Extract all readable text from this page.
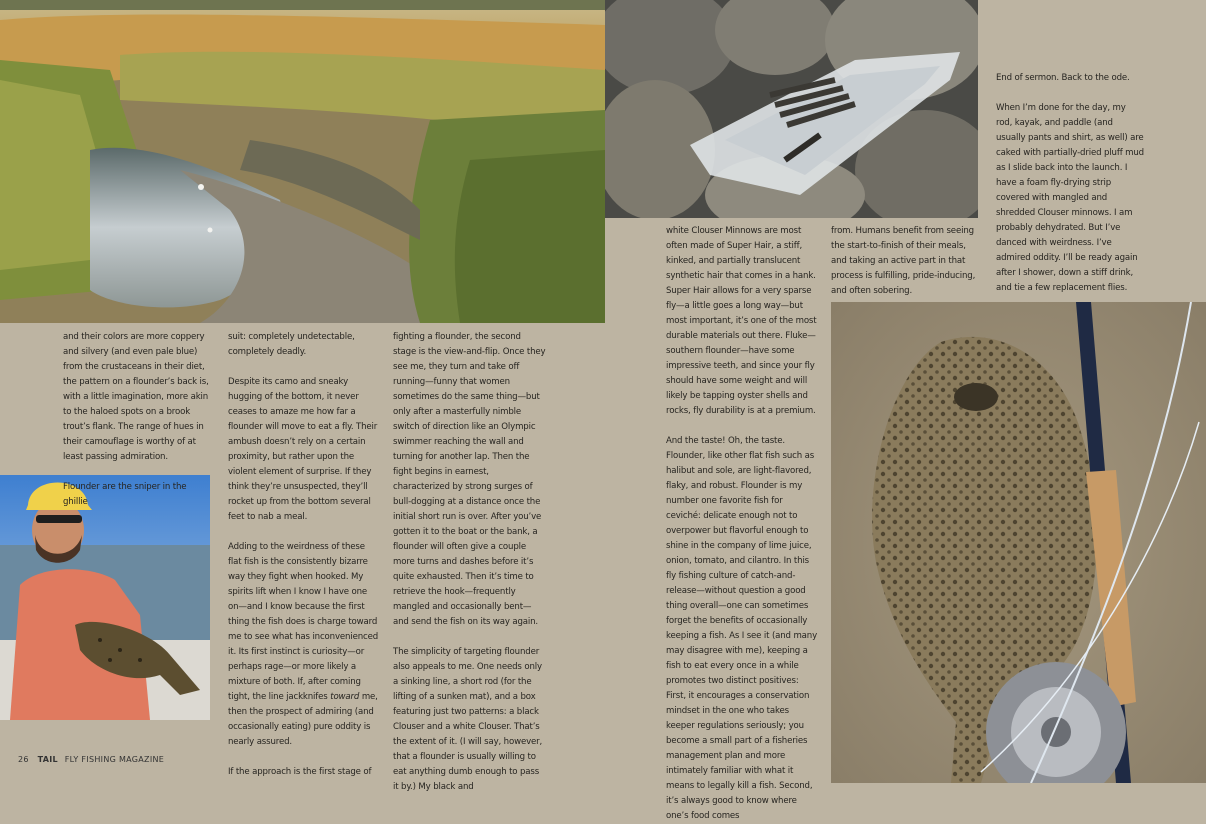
and their colors are more coppery and silvery (and even pale blue) from the crustaceans in their diet, the pattern on a flounder’s back is, with a little imagination, more akin to the haloed spots on a brook trout’s flank. The range of hues in their camouflage is worthy of at least passing admiration.

Flounder are the sniper in the ghillie

suit: completely undetectable, completely deadly.

Despite its camo and sneaky hugging of the bottom, it never ceases to amaze me how far a flounder will move to eat a fly. Their ambush doesn’t rely on a certain proximity, but rather upon the violent element of surprise. If they think they’re unsuspected, they’ll rocket up from the bottom several feet to nab a meal.

Adding to the weirdness of these flat fish is the consistently bizarre way they fight when hooked. My spirits lift when I know I have one on—and I know because the first thing the fish does is charge toward me to see what has inconvenienced it. Its first instinct is curiosity—or perhaps rage—or more likely a mixture of both. If, after coming tight, the line jackknifes toward me, then the prospect of admiring (and occasionally eating) pure oddity is nearly assured.

If the approach is the first stage of

fighting a flounder, the second stage is the view-and-flip. Once they see me, they turn and take off running—funny that women sometimes do the same thing—but only after a masterfully nimble switch of direction like an Olympic swimmer reaching the wall and turning for another lap. Then the fight begins in earnest, characterized by strong surges of bull-dogging at a distance once the initial short run is over. After you’ve gotten it to the boat or the bank, a flounder will often give a couple more turns and dashes before it’s quite exhausted. Then it’s time to retrieve the hook—frequently mangled and occasionally bent—and send the fish on its way again.

The simplicity of targeting flounder also appeals to me. One needs only a sinking line, a short rod (for the lifting of a sunken mat), and a box featuring just two patterns: a black Clouser and a white Clouser. That’s the extent of it. (I will say, however, that a flounder is usually willing to eat anything dumb enough to pass it by.) My black and

white Clouser Minnows are most often made of Super Hair, a stiff, kinked, and partially translucent synthetic hair that comes in a hank. Super Hair allows for a very sparse fly—a little goes a long way—but most important, it’s one of the most durable materials out there. Fluke—southern flounder—have some impressive teeth, and since your fly should have some weight and will likely be tapping oyster shells and rocks, fly durability is at a premium.

And the taste! Oh, the taste. Flounder, like other flat fish such as halibut and sole, are light-flavored, flaky, and robust. Flounder is my number one favorite fish for ceviché: delicate enough not to overpower but flavorful enough to shine in the company of lime juice, onion, tomato, and cilantro. In this fly fishing culture of catch-and-release—without question a good thing overall—one can sometimes forget the benefits of occasionally keeping a fish. As I see it (and many may disagree with me), keeping a fish to eat every once in a while promotes two distinct positives: First, it encourages a conservation mindset in the one who takes keeper regulations seriously; you become a small part of a fisheries management plan and more intimately familiar with what it means to legally kill a fish. Second, it’s always good to know where one’s food comes

from. Humans benefit from seeing the start-to-finish of their meals, and taking an active part in that process is fulfilling, pride-inducing, and often sobering.

End of sermon. Back to the ode.

When I’m done for the day, my rod, kayak, and paddle (and usually pants and shirt, as well) are caked with partially-dried pluff mud as I slide back into the launch. I have a foam fly-drying strip covered with mangled and shredded Clouser minnows. I am probably dehydrated. But I’ve danced with weirdness. I’ve admired oddity. I’ll be ready again after I shower, down a stiff drink, and tie a few replacement flies.

26 TAIL FLY FISHING MAGAZINE
